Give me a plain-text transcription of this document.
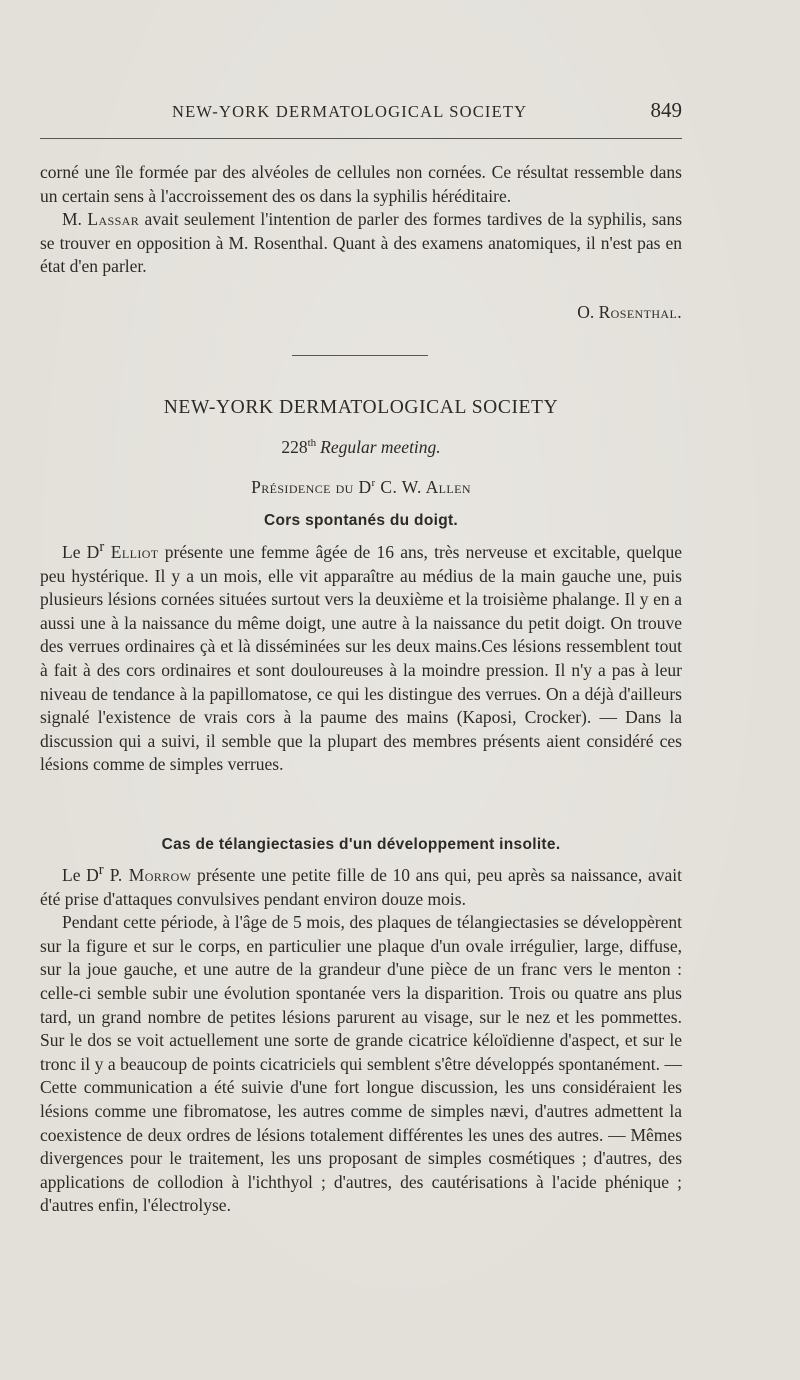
NEW-YORK DERMATOLOGICAL SOCIETY	849

corné une île formée par des alvéoles de cellules non cornées. Ce résultat ressemble dans un certain sens à l'accroissement des os dans la syphilis héréditaire.

M. Lassar avait seulement l'intention de parler des formes tardives de la syphilis, sans se trouver en opposition à M. Rosenthal. Quant à des examens anatomiques, il n'est pas en état d'en parler.

O. Rosenthal.
NEW-YORK DERMATOLOGICAL SOCIETY
228th Regular meeting.
Présidence du $D^r$ C. W. Allen
Cors spontanés du doigt.

Le $D^r$ Elliot présente une femme âgée de 16 ans, très nerveuse et excitable, quelque peu hystérique. Il y a un mois, elle vit apparaître au médius de la main gauche une, puis plusieurs lésions cornées situées surtout vers la deuxième et la troisième phalange. Il y en a aussi une à la naissance du même doigt, une autre à la naissance du petit doigt. On trouve des verrues ordinaires çà et là disséminées sur les deux mains.Ces lésions ressemblent tout à fait à des cors ordinaires et sont douloureuses à la moindre pression. Il n'y a pas à leur niveau de tendance à la papillomatose, ce qui les distingue des verrues. On a déjà d'ailleurs signalé l'existence de vrais cors à la paume des mains (Kaposi, Crocker). — Dans la discussion qui a suivi, il semble que la plupart des membres présents aient considéré ces lésions comme de simples verrues.

Cas de télangiectasies d'un développement insolite.

Le $D^r$ P. Morrow présente une petite fille de 10 ans qui, peu après sa naissance, avait été prise d'attaques convulsives pendant environ douze mois.

Pendant cette période, à l'âge de 5 mois, des plaques de télangiectasies se développèrent sur la figure et sur le corps, en particulier une plaque d'un ovale irrégulier, large, diffuse, sur la joue gauche, et une autre de la grandeur d'une pièce de un franc vers le menton : celle-ci semble subir une évolution spontanée vers la disparition. Trois ou quatre ans plus tard, un grand nombre de petites lésions parurent au visage, sur le nez et les pommettes. Sur le dos se voit actuellement une sorte de grande cicatrice kéloïdienne d'aspect, et sur le tronc il y a beaucoup de points cicatriciels qui semblent s'être développés spontanément. — Cette communication a été suivie d'une fort longue discussion, les uns considéraient les lésions comme une fibromatose, les autres comme de simples nævi, d'autres admettent la coexistence de deux ordres de lésions totalement différentes les unes des autres. — Mêmes divergences pour le traitement, les uns proposant de simples cosmétiques ; d'autres, des applications de collodion à l'ichthyol ; d'autres, des cautérisations à l'acide phénique ; d'autres enfin, l'électrolyse.
